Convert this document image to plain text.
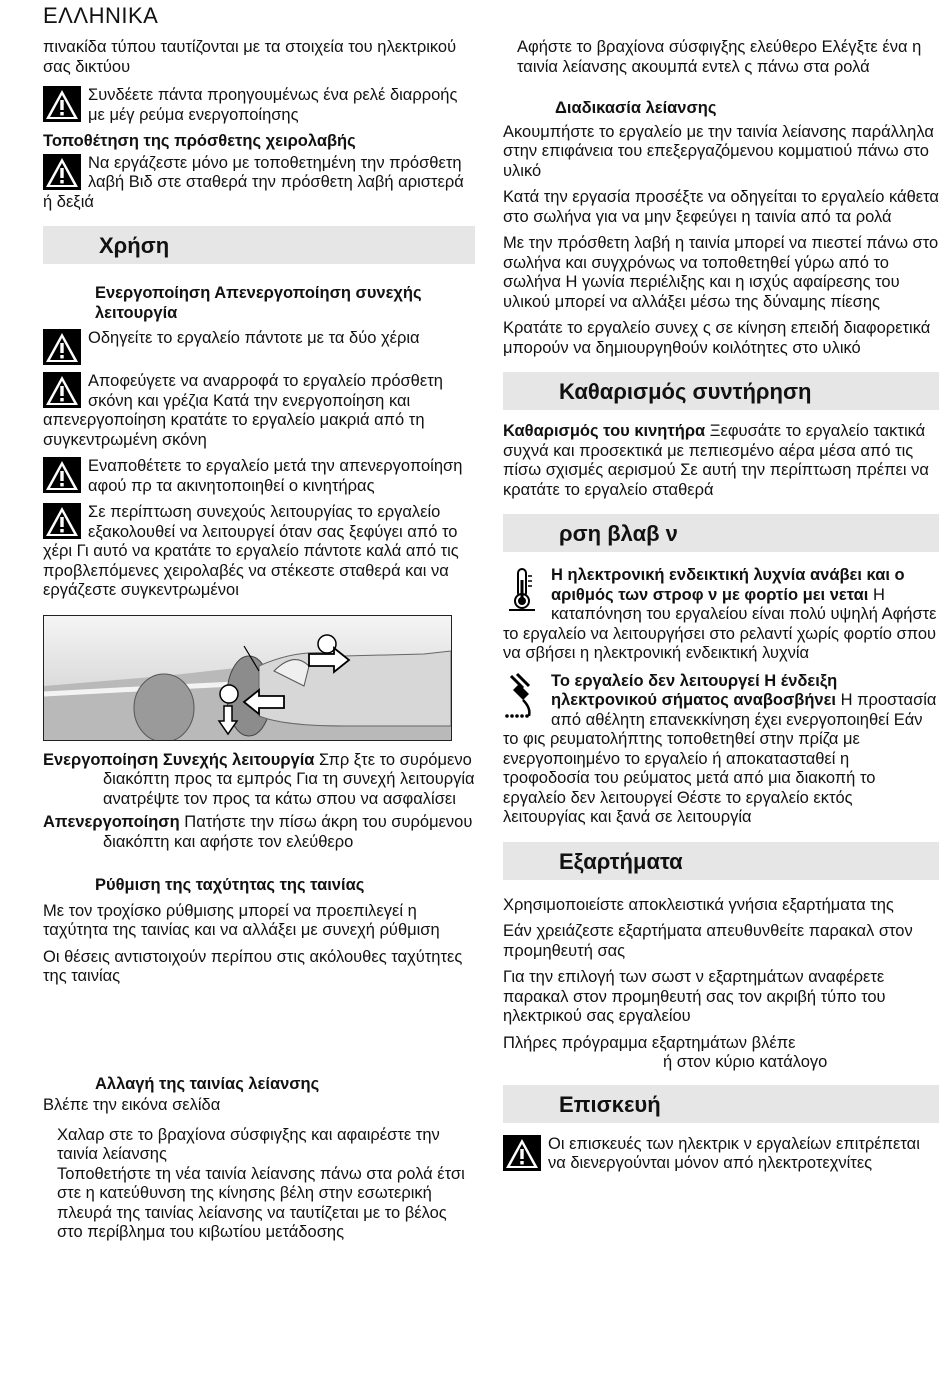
ΕΛΛΗΝΙΚΑ

πινακίδα τύπου ταυτίζονται με τα στοιχεία του ηλεκτρικού σας δικτύου

Συνδέετε πάντα προηγουμένως ένα ρελέ διαρροής με μέγ ρεύμα ενεργοποίησης

Τοποθέτηση της πρόσθετης χειρολαβής

Να εργάζεστε μόνο με τοποθετημένη την πρόσθετη λαβή Βιδ στε σταθερά την πρόσθετη λαβή αριστερά ή δεξιά
Χρήση
Ενεργοποίηση Απενεργοποίηση συνεχής λειτουργία
Οδηγείτε το εργαλείο πάντοτε με τα δύο χέρια
Αποφεύγετε να αναρροφά το εργαλείο πρόσθετη σκόνη και γρέζια Κατά την ενεργοποίηση και απενεργοποίηση κρατάτε το εργαλείο μακριά από τη συγκεντρωμένη σκόνη
Εναποθέτετε το εργαλείο μετά την απενεργοποίηση αφού πρ τα ακινητοποιηθεί ο κινητήρας
Σε περίπτωση συνεχούς λειτουργίας το εργαλείο εξακολουθεί να λειτουργεί όταν σας ξεφύγει από το χέρι Γι αυτό να κρατάτε το εργαλείο πάντοτε καλά από τις προβλεπόμενες χειρολαβές να στέκεστε σταθερά και να εργάζεστε συγκεντρωμένοι
Ενεργοποίηση Συνεχής λειτουργία Σπρ ξτε το συρόμενο διακόπτη προς τα εμπρός Για τη συνεχή λειτουργία ανατρέψτε τον προς τα κάτω σπου να ασφαλίσει
Απενεργοποίηση Πατήστε την πίσω άκρη του συρόμενου διακόπτη και αφήστε τον ελεύθερο
Ρύθμιση της ταχύτητας της ταινίας

Με τον τροχίσκο ρύθμισης μπορεί να προεπιλεγεί η ταχύτητα της ταινίας και να αλλάξει με συνεχή ρύθμιση

Οι θέσεις αντιστοιχούν περίπου στις ακόλουθες ταχύτητες της ταινίας

Αλλαγή της ταινίας λείανσης

Βλέπε την εικόνα σελίδα

Χαλαρ στε το βραχίονα σύσφιγξης και αφαιρέστε την ταινία λείανσης

Τοποθετήστε τη νέα ταινία λείανσης πάνω στα ρολά έτσι στε η κατεύθυνση της κίνησης βέλη στην εσωτερική πλευρά της ταινίας λείανσης να ταυτίζεται με το βέλος στο περίβλημα του κιβωτίου μετάδοσης

Αφήστε το βραχίονα σύσφιγξης ελεύθερο Ελέγξτε ένα η ταινία λείανσης ακουμπά εντελ ς πάνω στα ρολά

Διαδικασία λείανσης

Ακουμπήστε το εργαλείο με την ταινία λείανσης παράλληλα στην επιφάνεια του επεξεργαζόμενου κομματιού πάνω στο υλικό

Κατά την εργασία προσέξτε να οδηγείται το εργαλείο κάθετα στο σωλήνα για να μην ξεφεύγει η ταινία από τα ρολά

Με την πρόσθετη λαβή η ταινία μπορεί να πιεστεί πάνω στο σωλήνα και συγχρόνως να τοποθετηθεί γύρω από το σωλήνα Η γωνία περιέλιξης και η ισχύς αφαίρεσης του υλικού μπορεί να αλλάξει μέσω της δύναμης πίεσης

Κρατάτε το εργαλείο συνεχ ς σε κίνηση επειδή διαφορετικά μπορούν να δημιουργηθούν κοιλότητες στο υλικό

Καθαρισμός συντήρηση

Καθαρισμός του κινητήρα Ξεφυσάτε το εργαλείο τακτικά συχνά και προσεκτικά με πεπιεσμένο αέρα μέσα από τις πίσω σχισμές αερισμού Σε αυτή την περίπτωση πρέπει να κρατάτε το εργαλείο σταθερά

ρση βλαβ ν
Η ηλεκτρονική ενδεικτική λυχνία ανάβει και ο αριθμός των στροφ ν με φορτίο μει νεται Η καταπόνηση του εργαλείου είναι πολύ υψηλή Αφήστε το εργαλείο να λειτουργήσει στο ρελαντί χωρίς φορτίο σπου να σβήσει η ηλεκτρονική ενδεικτική λυχνία
Το εργαλείο δεν λειτουργεί Η ένδειξη ηλεκτρονικού σήματος αναβοσβήνει Η προστασία από αθέλητη επανεκκίνηση έχει ενεργοποιηθεί Εάν το φις ρευματολήπτης τοποθετηθεί στην πρίζα με ενεργοποιημένο το εργαλείο ή αποκατασταθεί η τροφοδοσία του ρεύματος μετά από μια διακοπή το εργαλείο δεν λειτουργεί Θέστε το εργαλείο εκτός λειτουργίας και ξανά σε λειτουργία
Εξαρτήματα

Χρησιμοποιείστε αποκλειστικά γνήσια εξαρτήματα της

Εάν χρειάζεστε εξαρτήματα απευθυνθείτε παρακαλ στον προμηθευτή σας

Για την επιλογή των σωστ ν εξαρτημάτων αναφέρετε παρακαλ στον προμηθευτή σας τον ακριβή τύπο του ηλεκτρικού σας εργαλείου

Πλήρες πρόγραμμα εξαρτημάτων βλέπε
ή στον κύριο κατάλογο

Επισκευή
Οι επισκευές των ηλεκτρικ ν εργαλείων επιτρέπεται να διενεργούνται μόνον από ηλεκτροτεχνίτες
